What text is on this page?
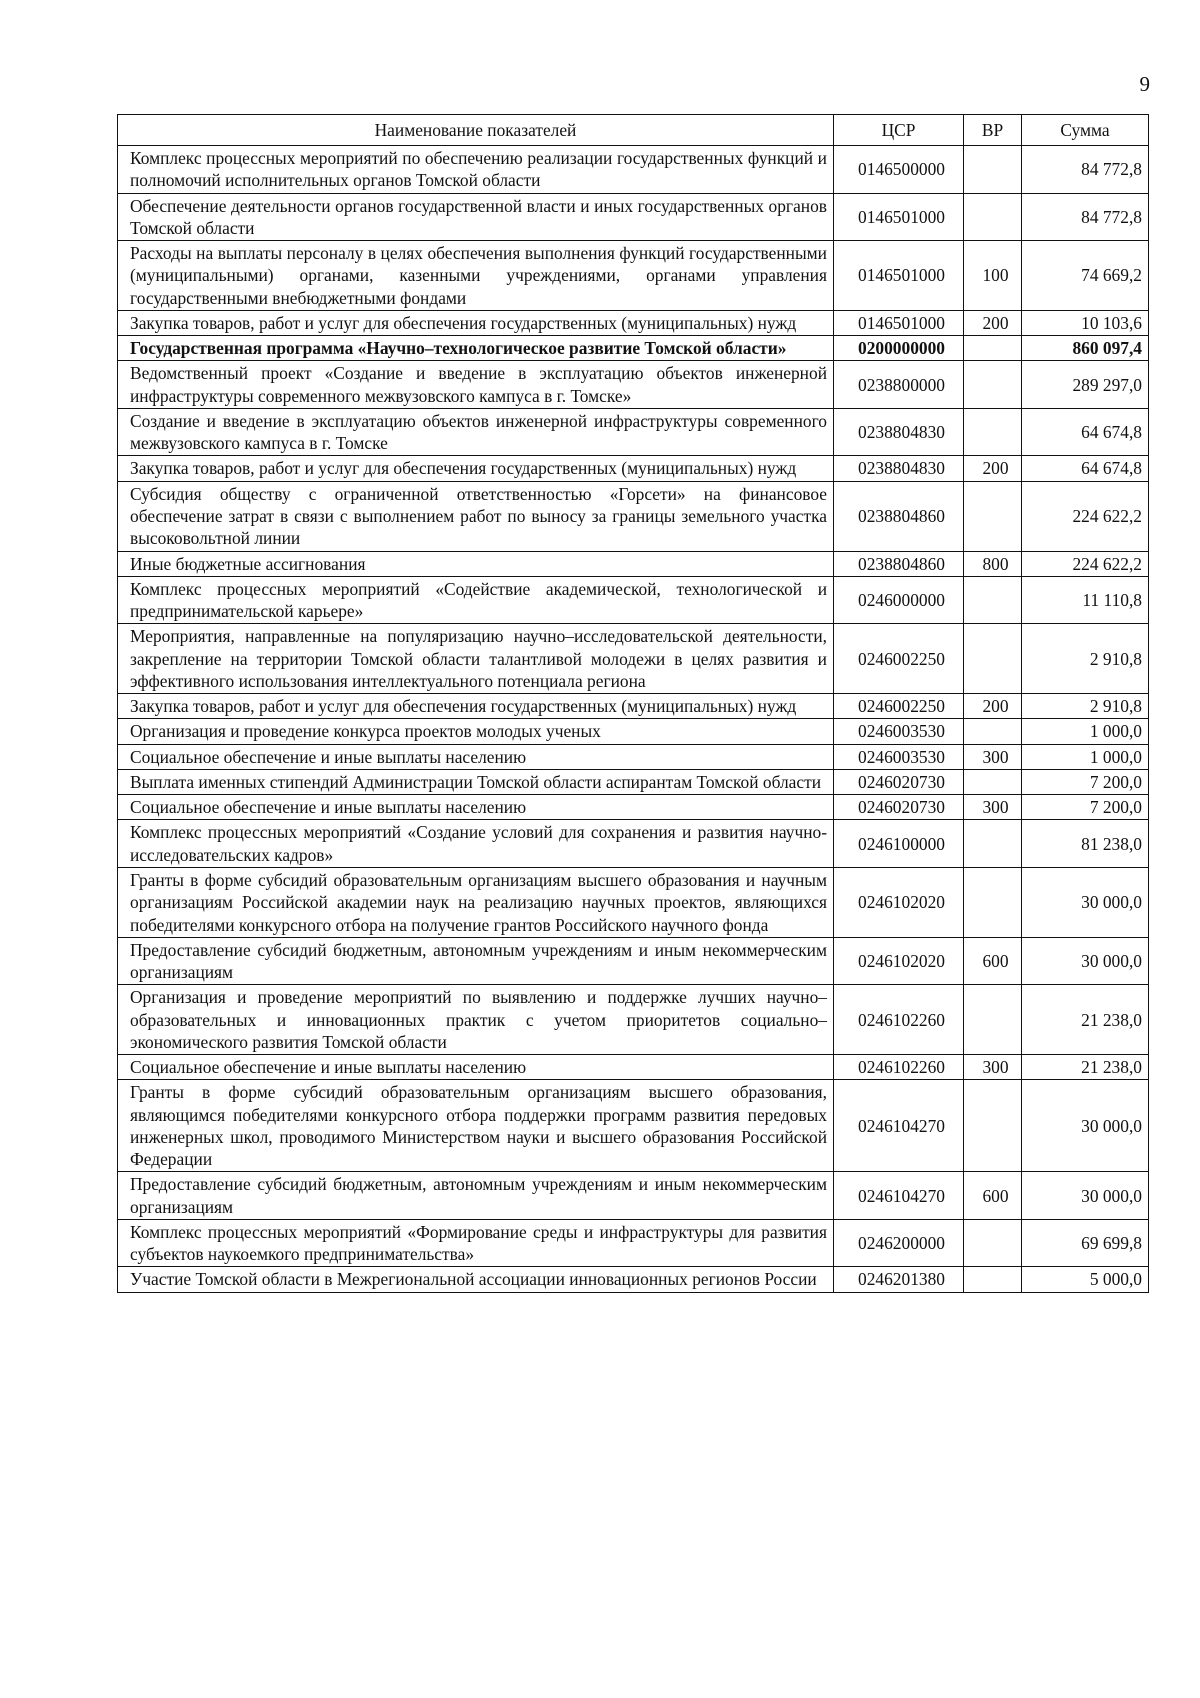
9
Наименование показателей	ЦСР	ВР	Сумма
Комплекс процессных мероприятий по обеспечению реализации государственных функций и полномочий исполнительных органов Томской области	0146500000		84 772,8
Обеспечение деятельности органов государственной власти и иных государственных органов Томской области	0146501000		84 772,8
Расходы на выплаты персоналу в целях обеспечения выполнения функций государственными (муниципальными) органами, казенными учреждениями, органами управления государственными внебюджетными фондами	0146501000	100	74 669,2
Закупка товаров, работ и услуг для обеспечения государственных (муниципальных) нужд	0146501000	200	10 103,6
Государственная программа «Научно–технологическое развитие Томской области»	0200000000		860 097,4
Ведомственный проект «Создание и введение в эксплуатацию объектов инженерной инфраструктуры современного межвузовского кампуса в г. Томске»	0238800000		289 297,0
Создание и введение в эксплуатацию объектов инженерной инфраструктуры современного межвузовского кампуса в г. Томске	0238804830		64 674,8
Закупка товаров, работ и услуг для обеспечения государственных (муниципальных) нужд	0238804830	200	64 674,8
Субсидия обществу с ограниченной ответственностью «Горсети» на финансовое обеспечение затрат в связи с выполнением работ по выносу за границы земельного участка высоковольтной линии	0238804860		224 622,2
Иные бюджетные ассигнования	0238804860	800	224 622,2
Комплекс процессных мероприятий «Содействие академической, технологической и предпринимательской карьере»	0246000000		11 110,8
Мероприятия, направленные на популяризацию научно–исследовательской деятельности, закрепление на территории Томской области талантливой молодежи в целях развития и эффективного использования интеллектуального потенциала региона	0246002250		2 910,8
Закупка товаров, работ и услуг для обеспечения государственных (муниципальных) нужд	0246002250	200	2 910,8
Организация и проведение конкурса проектов молодых ученых	0246003530		1 000,0
Социальное обеспечение и иные выплаты населению	0246003530	300	1 000,0
Выплата именных стипендий Администрации Томской области аспирантам Томской области	0246020730		7 200,0
Социальное обеспечение и иные выплаты населению	0246020730	300	7 200,0
Комплекс процессных мероприятий «Создание условий для сохранения и развития научно-исследовательских кадров»	0246100000		81 238,0
Гранты в форме субсидий образовательным организациям высшего образования и научным организациям Российской академии наук на реализацию научных проектов, являющихся победителями конкурсного отбора на получение грантов Российского научного фонда	0246102020		30 000,0
Предоставление субсидий бюджетным, автономным учреждениям и иным некоммерческим организациям	0246102020	600	30 000,0
Организация и проведение мероприятий по выявлению и поддержке лучших научно–образовательных и инновационных практик с учетом приоритетов социально–экономического развития Томской области	0246102260		21 238,0
Социальное обеспечение и иные выплаты населению	0246102260	300	21 238,0
Гранты в форме субсидий образовательным организациям высшего образования, являющимся победителями конкурсного отбора поддержки программ развития передовых инженерных школ, проводимого Министерством науки и высшего образования Российской Федерации	0246104270		30 000,0
Предоставление субсидий бюджетным, автономным учреждениям и иным некоммерческим организациям	0246104270	600	30 000,0
Комплекс процессных мероприятий «Формирование среды и инфраструктуры для развития субъектов наукоемкого предпринимательства»	0246200000		69 699,8
Участие Томской области в Межрегиональной ассоциации инновационных регионов России	0246201380		5 000,0
